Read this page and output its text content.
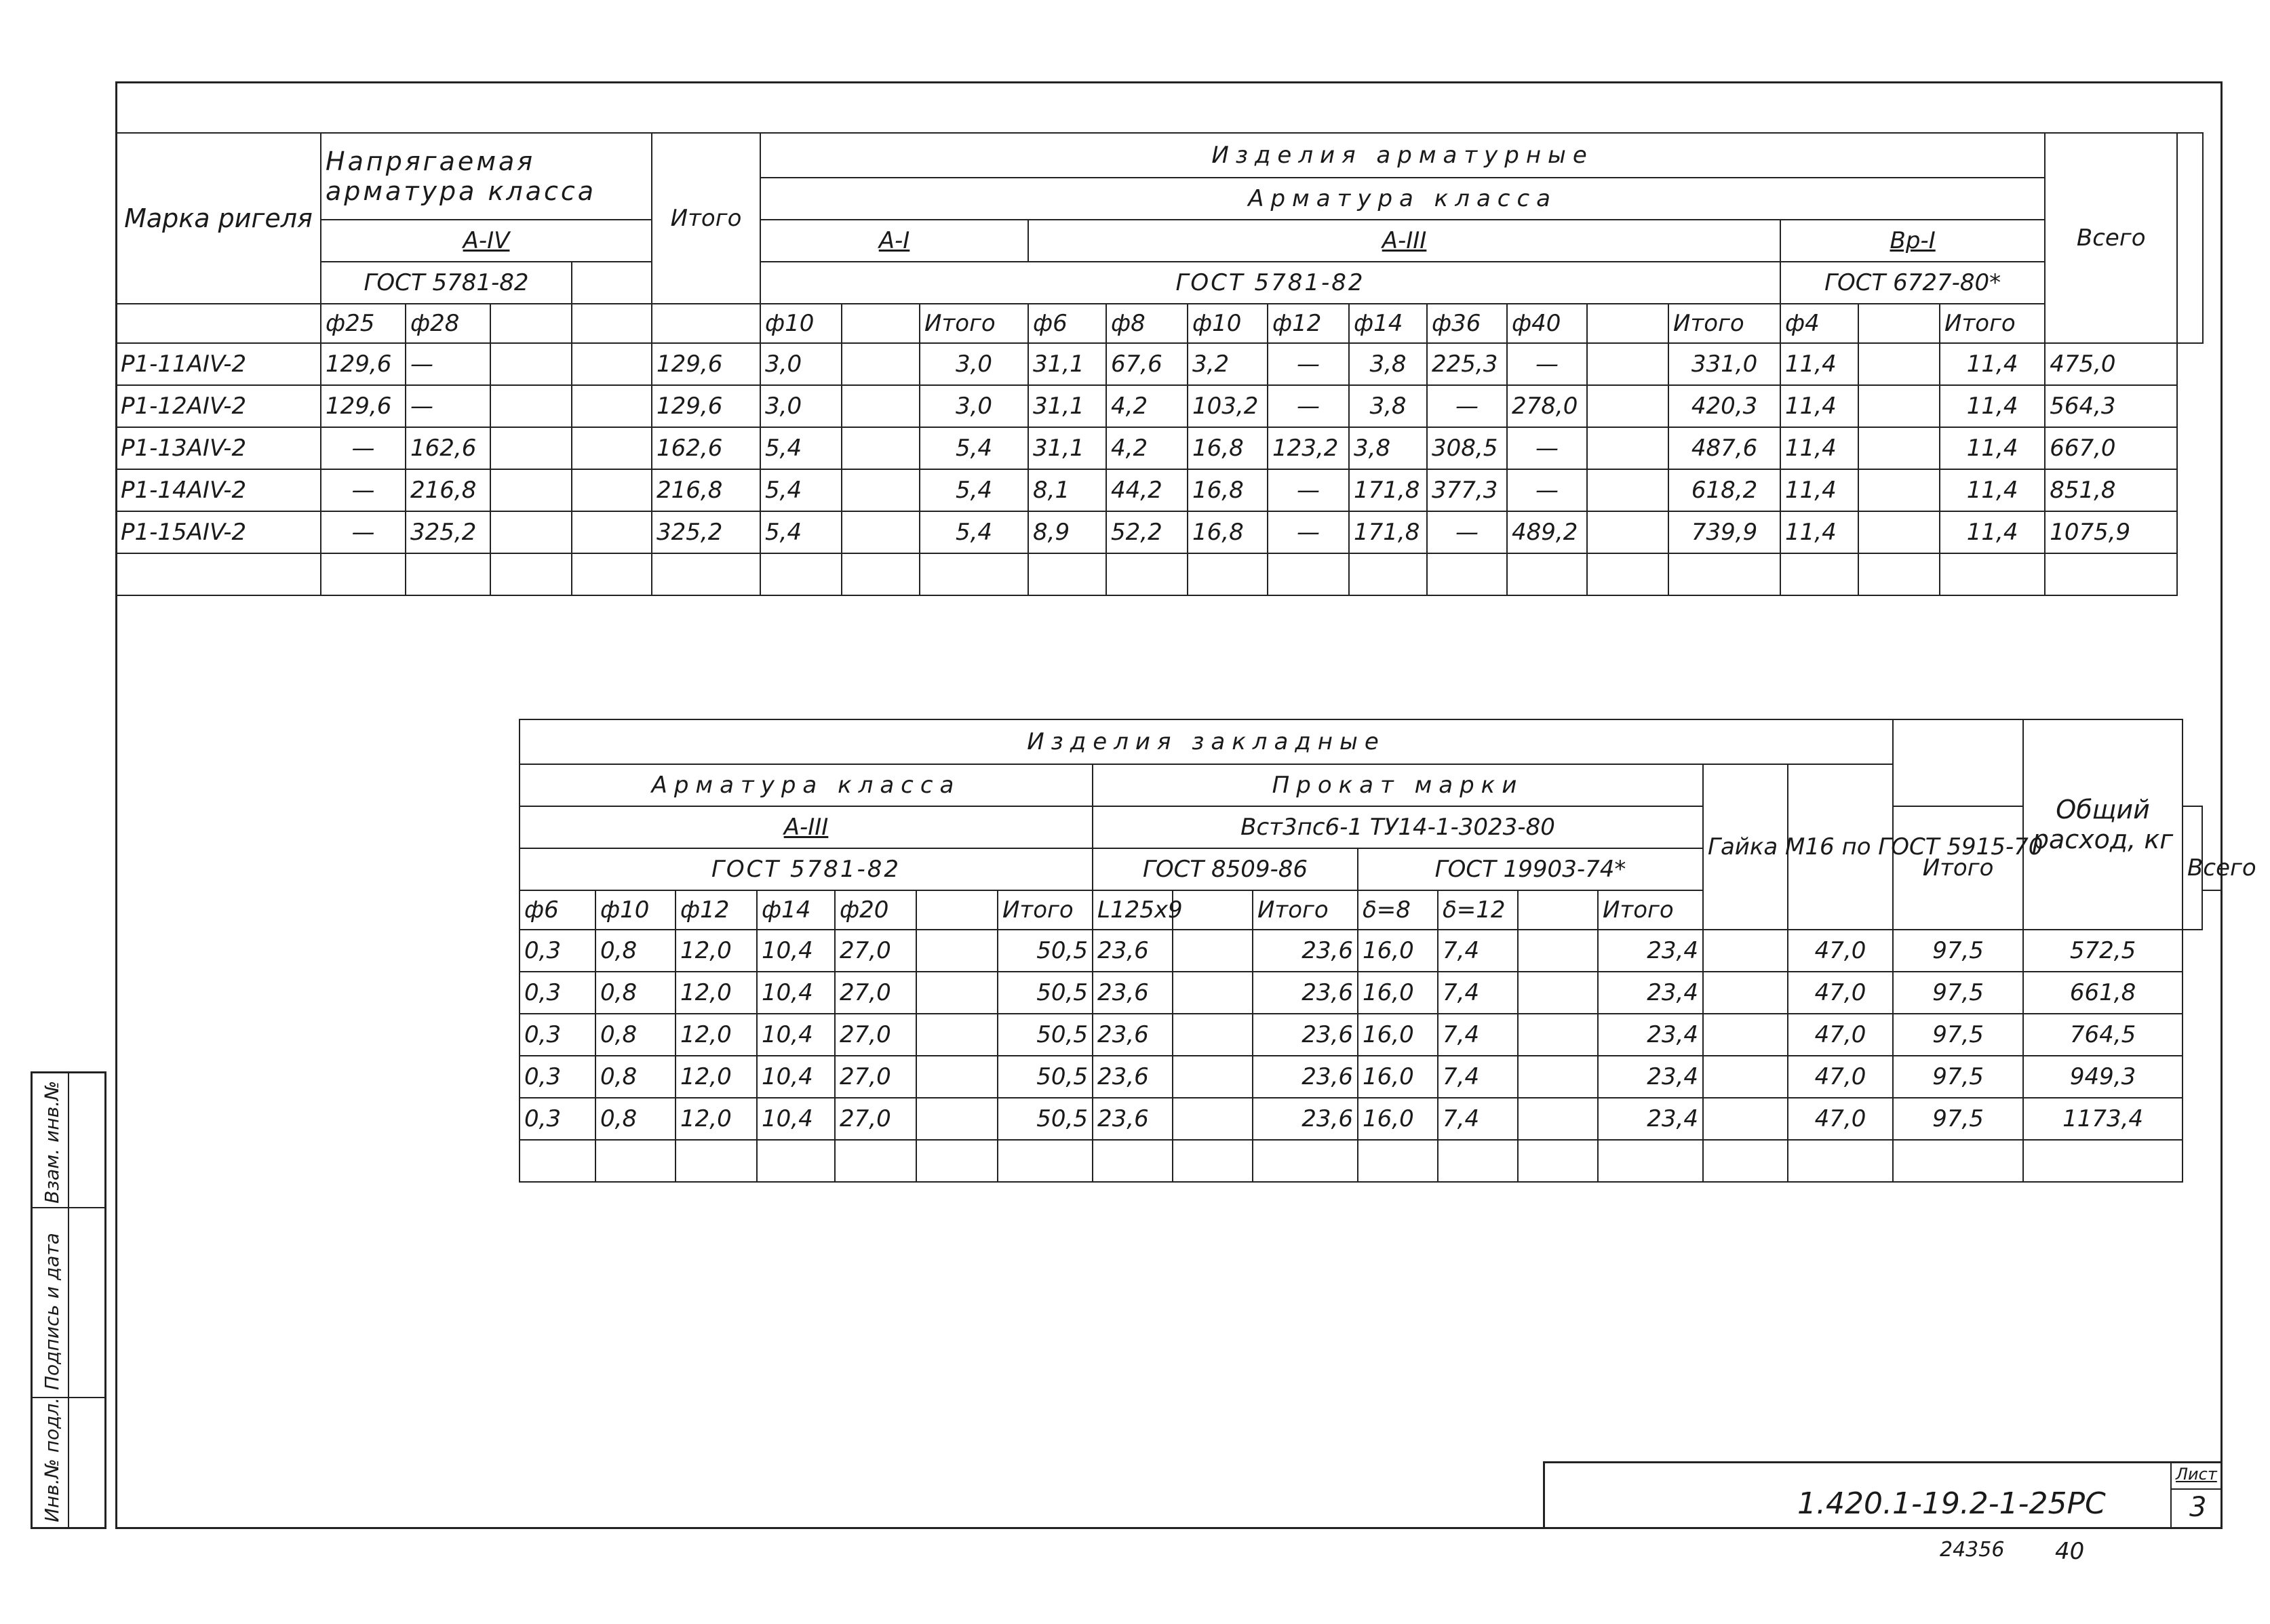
Взам. инв.№
Подпись и дата
Инв.№ подл.
Марка ригеля	Напрягаемая арматура класса				Итого	Изделия арматурные															Всего	
						Арматура класса																
	А-IV					А-I			А-III									Вр-I				
	ГОСТ 5781-82					ГОСТ 5781-82												ГОСТ 6727-80*				
	ф25	ф28				ф10		Итого	ф6	ф8	ф10	ф12	ф14	ф36	ф40		Итого	ф4		Итого		
Р1-11АIV-2	129,6	—			129,6	3,0		3,0	31,1	67,6	3,2	—	3,8	225,3	—		331,0	11,4		11,4	475,0	
Р1-12АIV-2	129,6	—			129,6	3,0		3,0	31,1	4,2	103,2	—	3,8	—	278,0		420,3	11,4		11,4	564,3	
Р1-13АIV-2	—	162,6			162,6	5,4		5,4	31,1	4,2	16,8	123,2	3,8	308,5	—		487,6	11,4		11,4	667,0	
Р1-14АIV-2	—	216,8			216,8	5,4		5,4	8,1	44,2	16,8	—	171,8	377,3	—		618,2	11,4		11,4	851,8	
Р1-15АIV-2	—	325,2			325,2	5,4		5,4	8,9	52,2	16,8	—	171,8	—	489,2		739,9	11,4		11,4	1075,9	

Изделия закладные																	Общий расход, кг		
Арматура класса							Прокат марки							Гайка М16 по ГОСТ 5915-70					
А-III							Вст3пс6-1 ТУ14-1-3023-80									Итого		Всего	
ГОСТ 5781-82							ГОСТ 8509-86			ГОСТ 19903-74*									
ф6	ф10	ф12	ф14	ф20		Итого	L125х9		Итого	δ=8	δ=12		Итого						
0,3	0,8	12,0	10,4	27,0		50,5	23,6		23,6	16,0	7,4		23,4		47,0	97,5	572,5		
0,3	0,8	12,0	10,4	27,0		50,5	23,6		23,6	16,0	7,4		23,4		47,0	97,5	661,8		
0,3	0,8	12,0	10,4	27,0		50,5	23,6		23,6	16,0	7,4		23,4		47,0	97,5	764,5		
0,3	0,8	12,0	10,4	27,0		50,5	23,6		23,6	16,0	7,4		23,4		47,0	97,5	949,3		
0,3	0,8	12,0	10,4	27,0		50,5	23,6		23,6	16,0	7,4		23,4		47,0	97,5	1173,4		

1.420.1-19.2-1-25РС
Лист
3
24356 40
